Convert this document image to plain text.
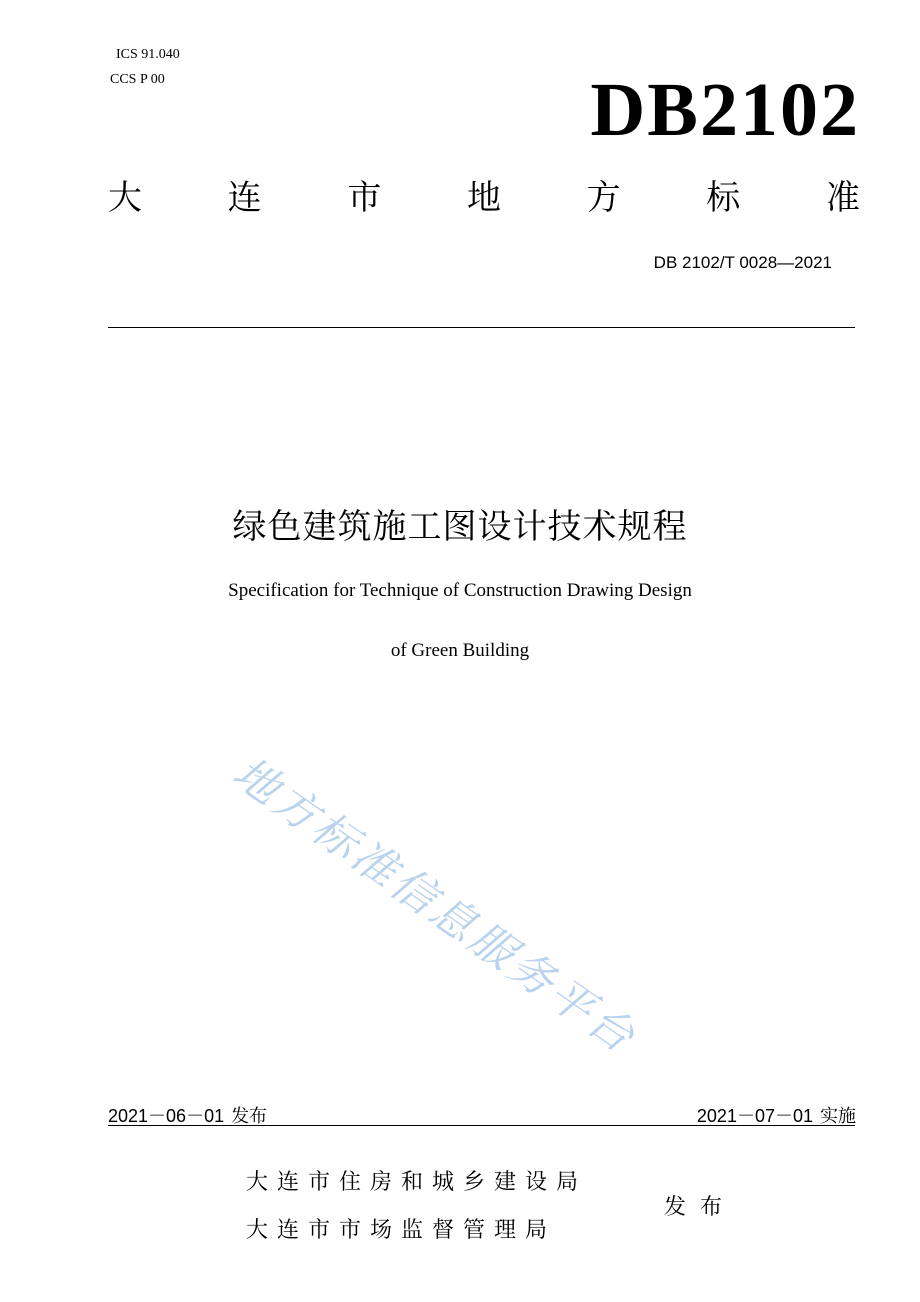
ICS 91.040
CCS P 00	DB2102
大	连	市	地	方	标	准
DB 2102/T 0028—2021
绿色建筑施工图设计技术规程
Specification for Technique of Construction Drawing Design
of Green Building
地方标准信息服务平台
2021－06－01 发布	2021－07－01 实施
大连市住房和城乡建设局
大连市市场监督管理局
发布
